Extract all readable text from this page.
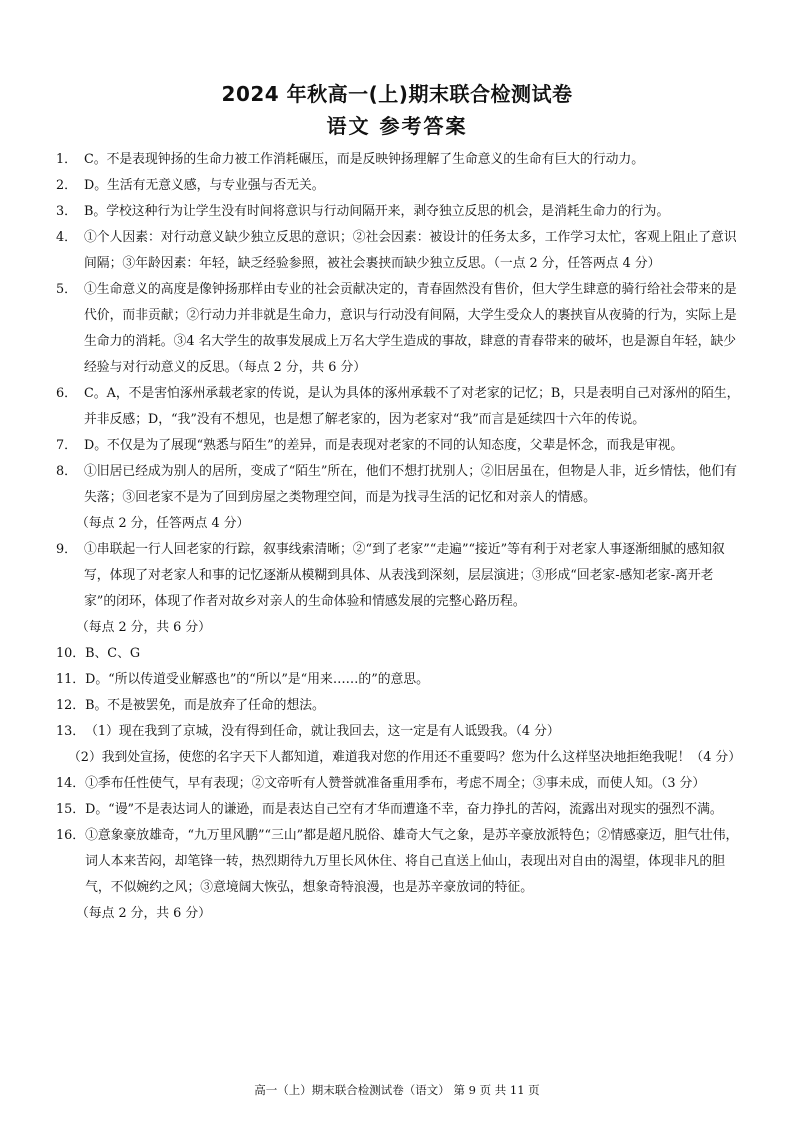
2024 年秋高一(上)期末联合检测试卷
语文 参考答案
1． C。不是表现钟扬的生命力被工作消耗碾压，而是反映钟扬理解了生命意义的生命有巨大的行动力。

2． D。生活有无意义感，与专业强与否无关。

3． B。学校这种行为让学生没有时间将意识与行动间隔开来，剥夺独立反思的机会，是消耗生命力的行为。

4． ①个人因素：对行动意义缺少独立反思的意识；②社会因素：被设计的任务太多，工作学习太忙，客观上阻止了意识间隔；③年龄因素：年轻，缺乏经验参照，被社会裹挟而缺少独立反思。（一点 2 分，任答两点 4 分）

5． ①生命意义的高度是像钟扬那样由专业的社会贡献决定的，青春固然没有售价，但大学生肆意的骑行给社会带来的是代价，而非贡献；②行动力并非就是生命力，意识与行动没有间隔，大学生受众人的裹挟盲从夜骑的行为，实际上是生命力的消耗。③4 名大学生的故事发展成上万名大学生造成的事故，肆意的青春带来的破坏，也是源自年轻，缺少经验与对行动意义的反思。（每点 2 分，共 6 分）

6． C。A，不是害怕涿州承载老家的传说，是认为具体的涿州承载不了对老家的记忆；B，只是表明自己对涿州的陌生，并非反感；D，“我”没有不想见，也是想了解老家的，因为老家对“我”而言是延续四十六年的传说。

7． D。不仅是为了展现“熟悉与陌生”的差异，而是表现对老家的不同的认知态度，父辈是怀念，而我是审视。

8． ①旧居已经成为别人的居所，变成了“陌生”所在，他们不想打扰别人；②旧居虽在，但物是人非，近乡情怯，他们有失落；③回老家不是为了回到房屋之类物理空间，而是为找寻生活的记忆和对亲人的情感。

（每点 2 分，任答两点 4 分）

9． ①串联起一行人回老家的行踪，叙事线索清晰；②“到了老家”“走遍”“接近”等有利于对老家人事逐渐细腻的感知叙写，体现了对老家人和事的记忆逐渐从模糊到具体、从表浅到深刻，层层演进；③形成“回老家-感知老家-离开老家”的闭环，体现了作者对故乡对亲人的生命体验和情感发展的完整心路历程。

（每点 2 分，共 6 分）

10． B、C、G

11． D。“所以传道受业解惑也”的“所以”是“用来……的”的意思。

12． B。不是被罢免，而是放弃了任命的想法。

13． （1）现在我到了京城，没有得到任命，就让我回去，这一定是有人诋毁我。（4 分）

（2）我到处宣扬，使您的名字天下人都知道，难道我对您的作用还不重要吗？您为什么这样坚决地拒绝我呢！（4 分）

14． ①季布任性使气，早有表现；②文帝听有人赞誉就准备重用季布，考虑不周全；③事未成，而使人知。（3 分）

15． D。“谩”不是表达词人的谦逊，而是表达自己空有才华而遭逢不幸，奋力挣扎的苦闷，流露出对现实的强烈不满。

16． ①意象豪放雄奇，“九万里风鹏”“三山”都是超凡脱俗、雄奇大气之象，是苏辛豪放派特色；②情感豪迈，胆气壮伟，词人本来苦闷，却笔锋一转，热烈期待九万里长风休住、将自己直送上仙山，表现出对自由的渴望，体现非凡的胆气，不似婉约之风；③意境阔大恢弘，想象奇特浪漫，也是苏辛豪放词的特征。

（每点 2 分，共 6 分）

高一（上）期末联合检测试卷（语文） 第 9 页 共 11 页
